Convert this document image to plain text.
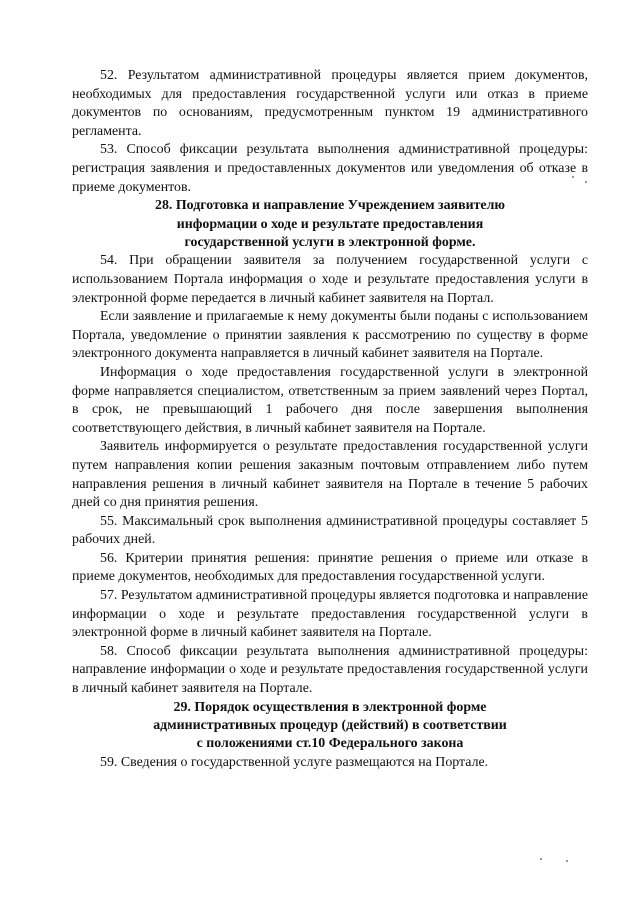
52. Результатом административной процедуры является прием документов, необходимых для предоставления государственной услуги или отказ в приеме документов по основаниям, предусмотренным пунктом 19 административного регламента.

53. Способ фиксации результата выполнения административной процедуры: регистрация заявления и предоставленных документов или уведомления об отказе в приеме документов.

28. Подготовка и направление Учреждением заявителю
информации о ходе и результате предоставления
государственной услуги в электронной форме.

54. При обращении заявителя за получением государственной услуги с использованием Портала информация о ходе и результате предоставления услуги в электронной форме передается в личный кабинет заявителя на Портал.

Если заявление и прилагаемые к нему документы были поданы с использованием Портала, уведомление о принятии заявления к рассмотрению по существу в форме электронного документа направляется в личный кабинет заявителя на Портале.

Информация о ходе предоставления государственной услуги в электронной форме направляется специалистом, ответственным за прием заявлений через Портал, в срок, не превышающий 1 рабочего дня после завершения выполнения соответствующего действия, в личный кабинет заявителя на Портале.

Заявитель информируется о результате предоставления государственной услуги путем направления копии решения заказным почтовым отправлением либо путем направления решения в личный кабинет заявителя на Портале в течение 5 рабочих дней со дня принятия решения.

55. Максимальный срок выполнения административной процедуры составляет 5 рабочих дней.

56. Критерии принятия решения: принятие решения о приеме или отказе в приеме документов, необходимых для предоставления государственной услуги.

57. Результатом административной процедуры является подготовка и направление информации о ходе и результате предоставления государственной услуги в электронной форме в личный кабинет заявителя на Портале.

58. Способ фиксации результата выполнения административной процедуры: направление информации о ходе и результате предоставления государственной услуги в личный кабинет заявителя на Портале.

29. Порядок осуществления в электронной форме
административных процедур (действий) в соответствии
с положениями ст.10 Федерального закона

59. Сведения о государственной услуге размещаются на Портале.
